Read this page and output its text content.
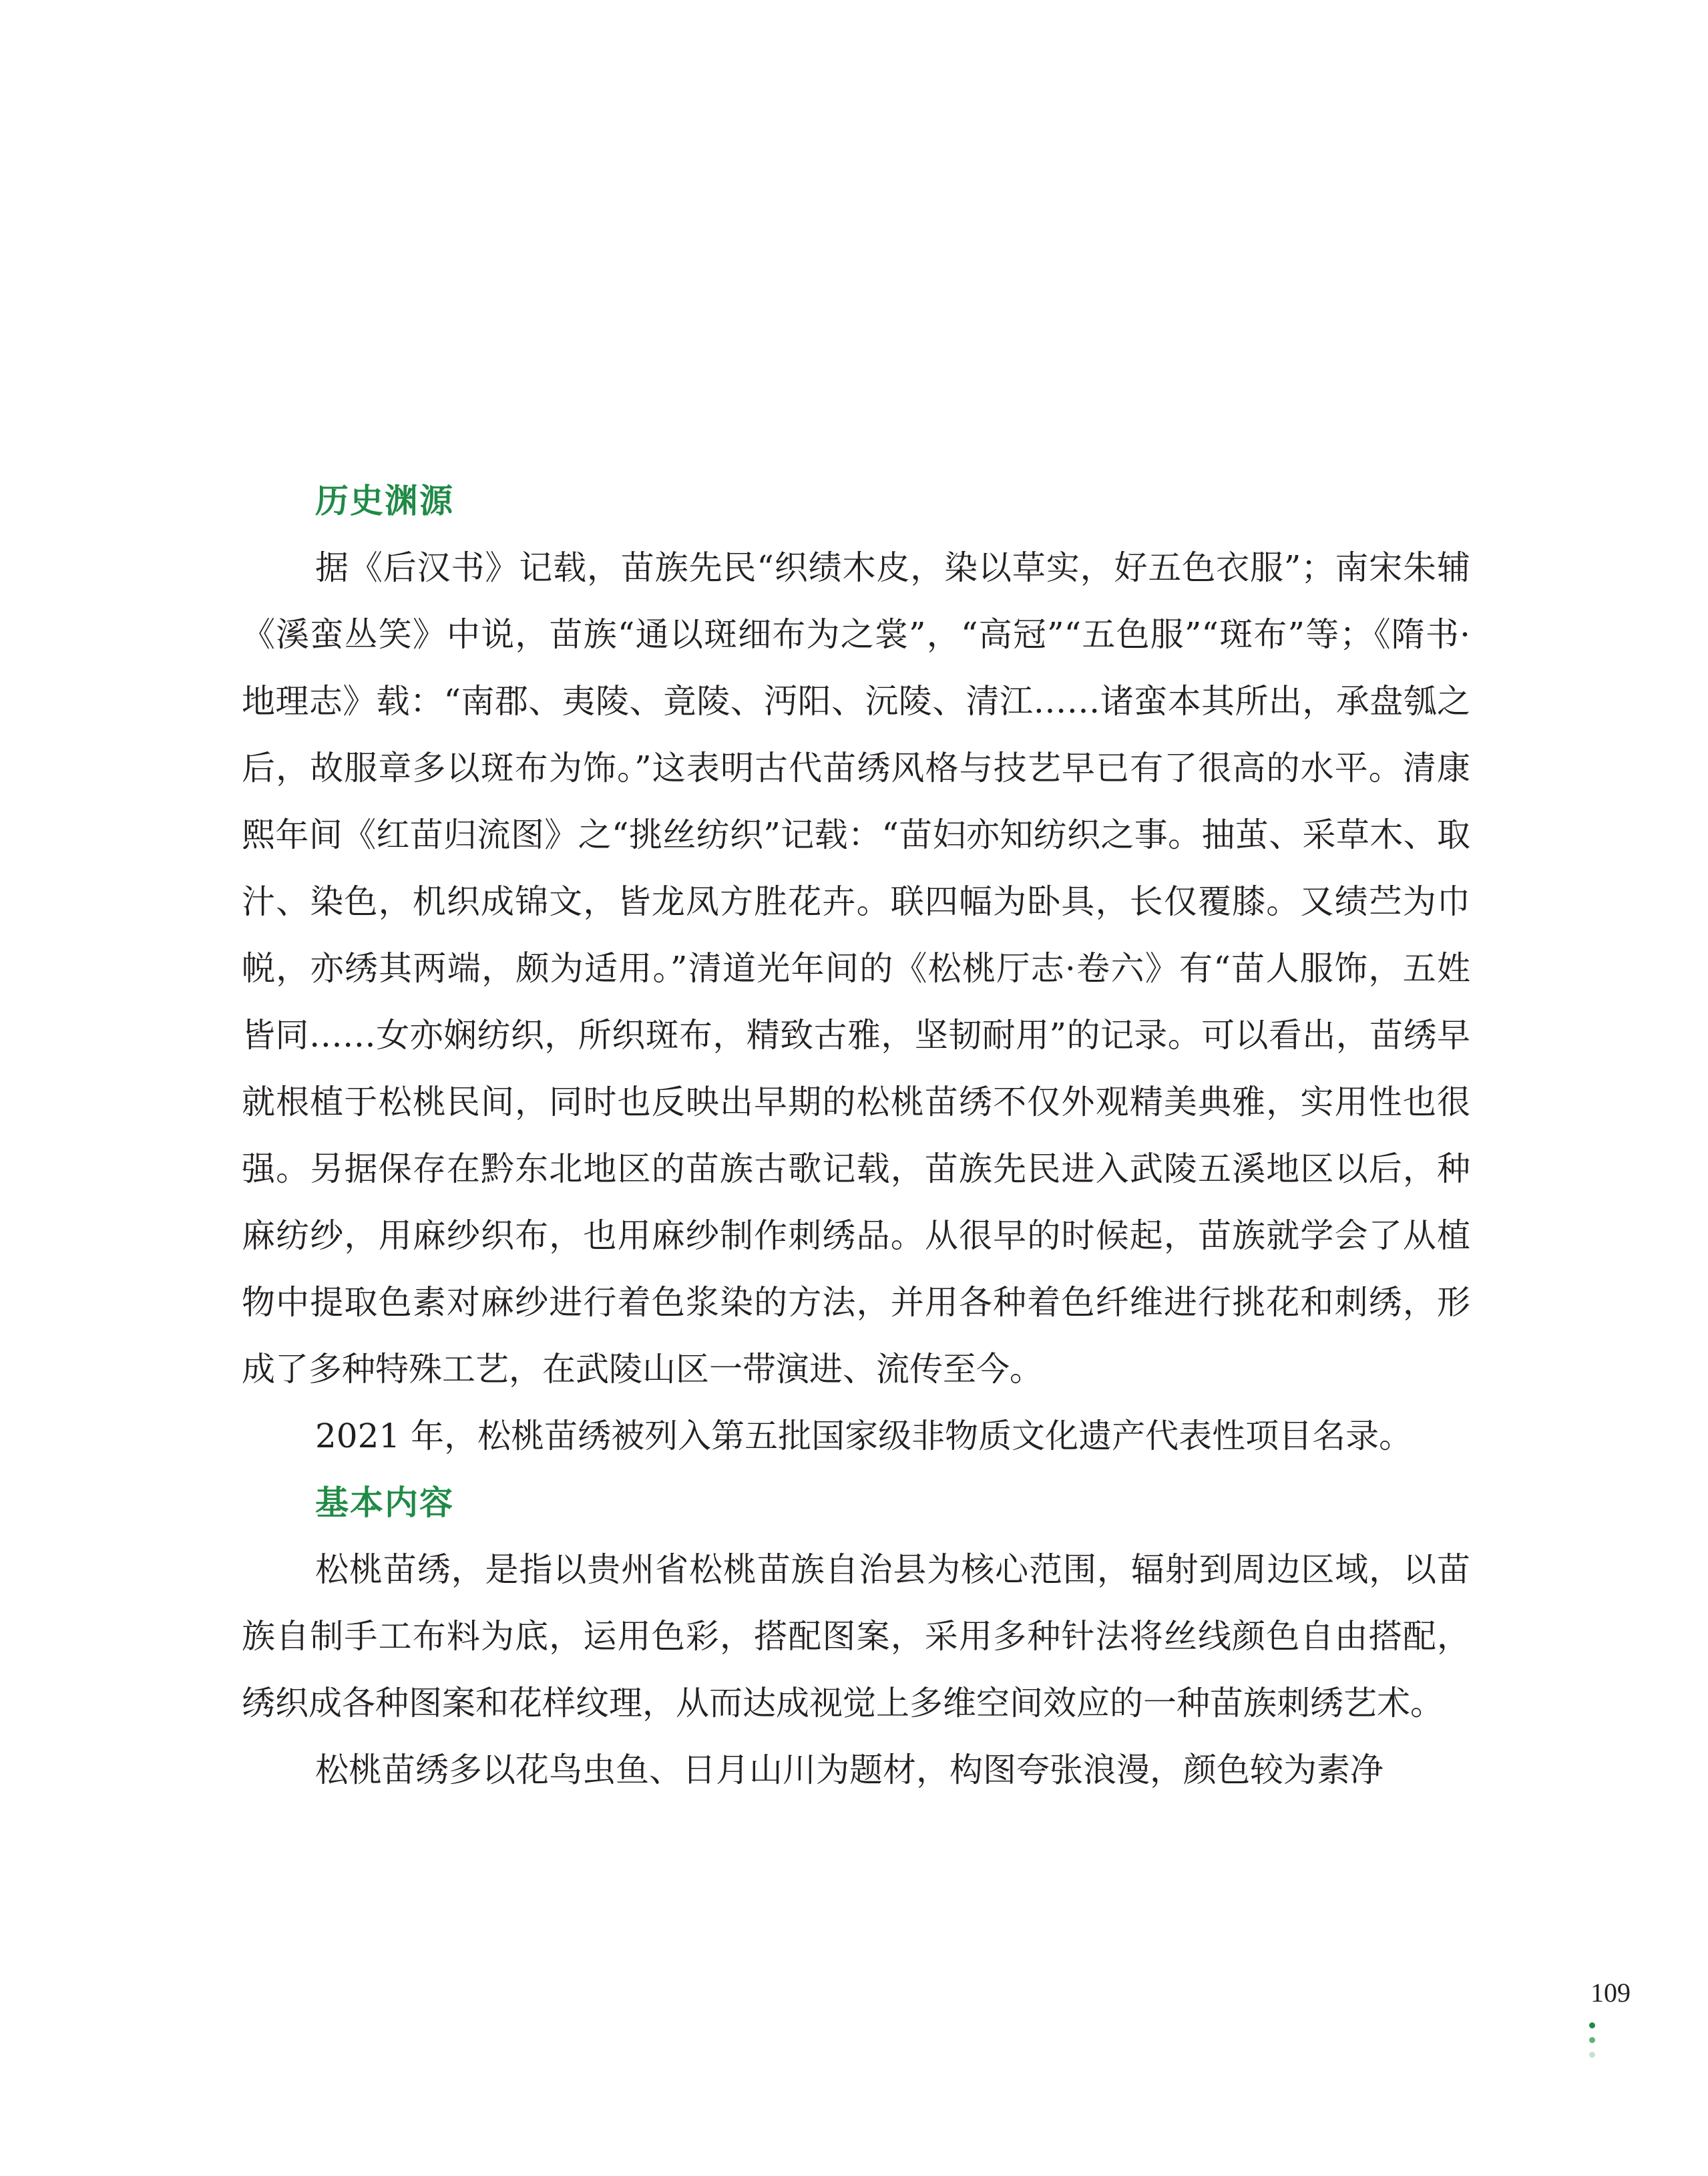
历史渊源

据《后汉书》记载，苗族先民“织绩木皮，染以草实，好五色衣服”；南宋朱辅《溪蛮丛笑》中说，苗族“通以斑细布为之裳”，“高冠”“五色服”“斑布”等；《隋书·地理志》载：“南郡、夷陵、竟陵、沔阳、沅陵、清江……诸蛮本其所出，承盘瓠之后，故服章多以斑布为饰。”这表明古代苗绣风格与技艺早已有了很高的水平。清康熙年间《红苗归流图》之“挑丝纺织”记载：“苗妇亦知纺织之事。抽茧、采草木、取汁、染色，机织成锦文，皆龙凤方胜花卉。联四幅为卧具，长仅覆膝。又绩苎为巾帨，亦绣其两端，颇为适用。”清道光年间的《松桃厅志·卷六》有“苗人服饰，五姓皆同……女亦娴纺织，所织斑布，精致古雅，坚韧耐用”的记录。可以看出，苗绣早就根植于松桃民间，同时也反映出早期的松桃苗绣不仅外观精美典雅，实用性也很强。另据保存在黔东北地区的苗族古歌记载，苗族先民进入武陵五溪地区以后，种麻纺纱，用麻纱织布，也用麻纱制作刺绣品。从很早的时候起，苗族就学会了从植物中提取色素对麻纱进行着色浆染的方法，并用各种着色纤维进行挑花和刺绣，形成了多种特殊工艺，在武陵山区一带演进、流传至今。

2021 年，松桃苗绣被列入第五批国家级非物质文化遗产代表性项目名录。

基本内容

松桃苗绣，是指以贵州省松桃苗族自治县为核心范围，辐射到周边区域，以苗族自制手工布料为底，运用色彩，搭配图案，采用多种针法将丝线颜色自由搭配，绣织成各种图案和花样纹理，从而达成视觉上多维空间效应的一种苗族刺绣艺术。

松桃苗绣多以花鸟虫鱼、日月山川为题材，构图夸张浪漫，颜色较为素净

109
